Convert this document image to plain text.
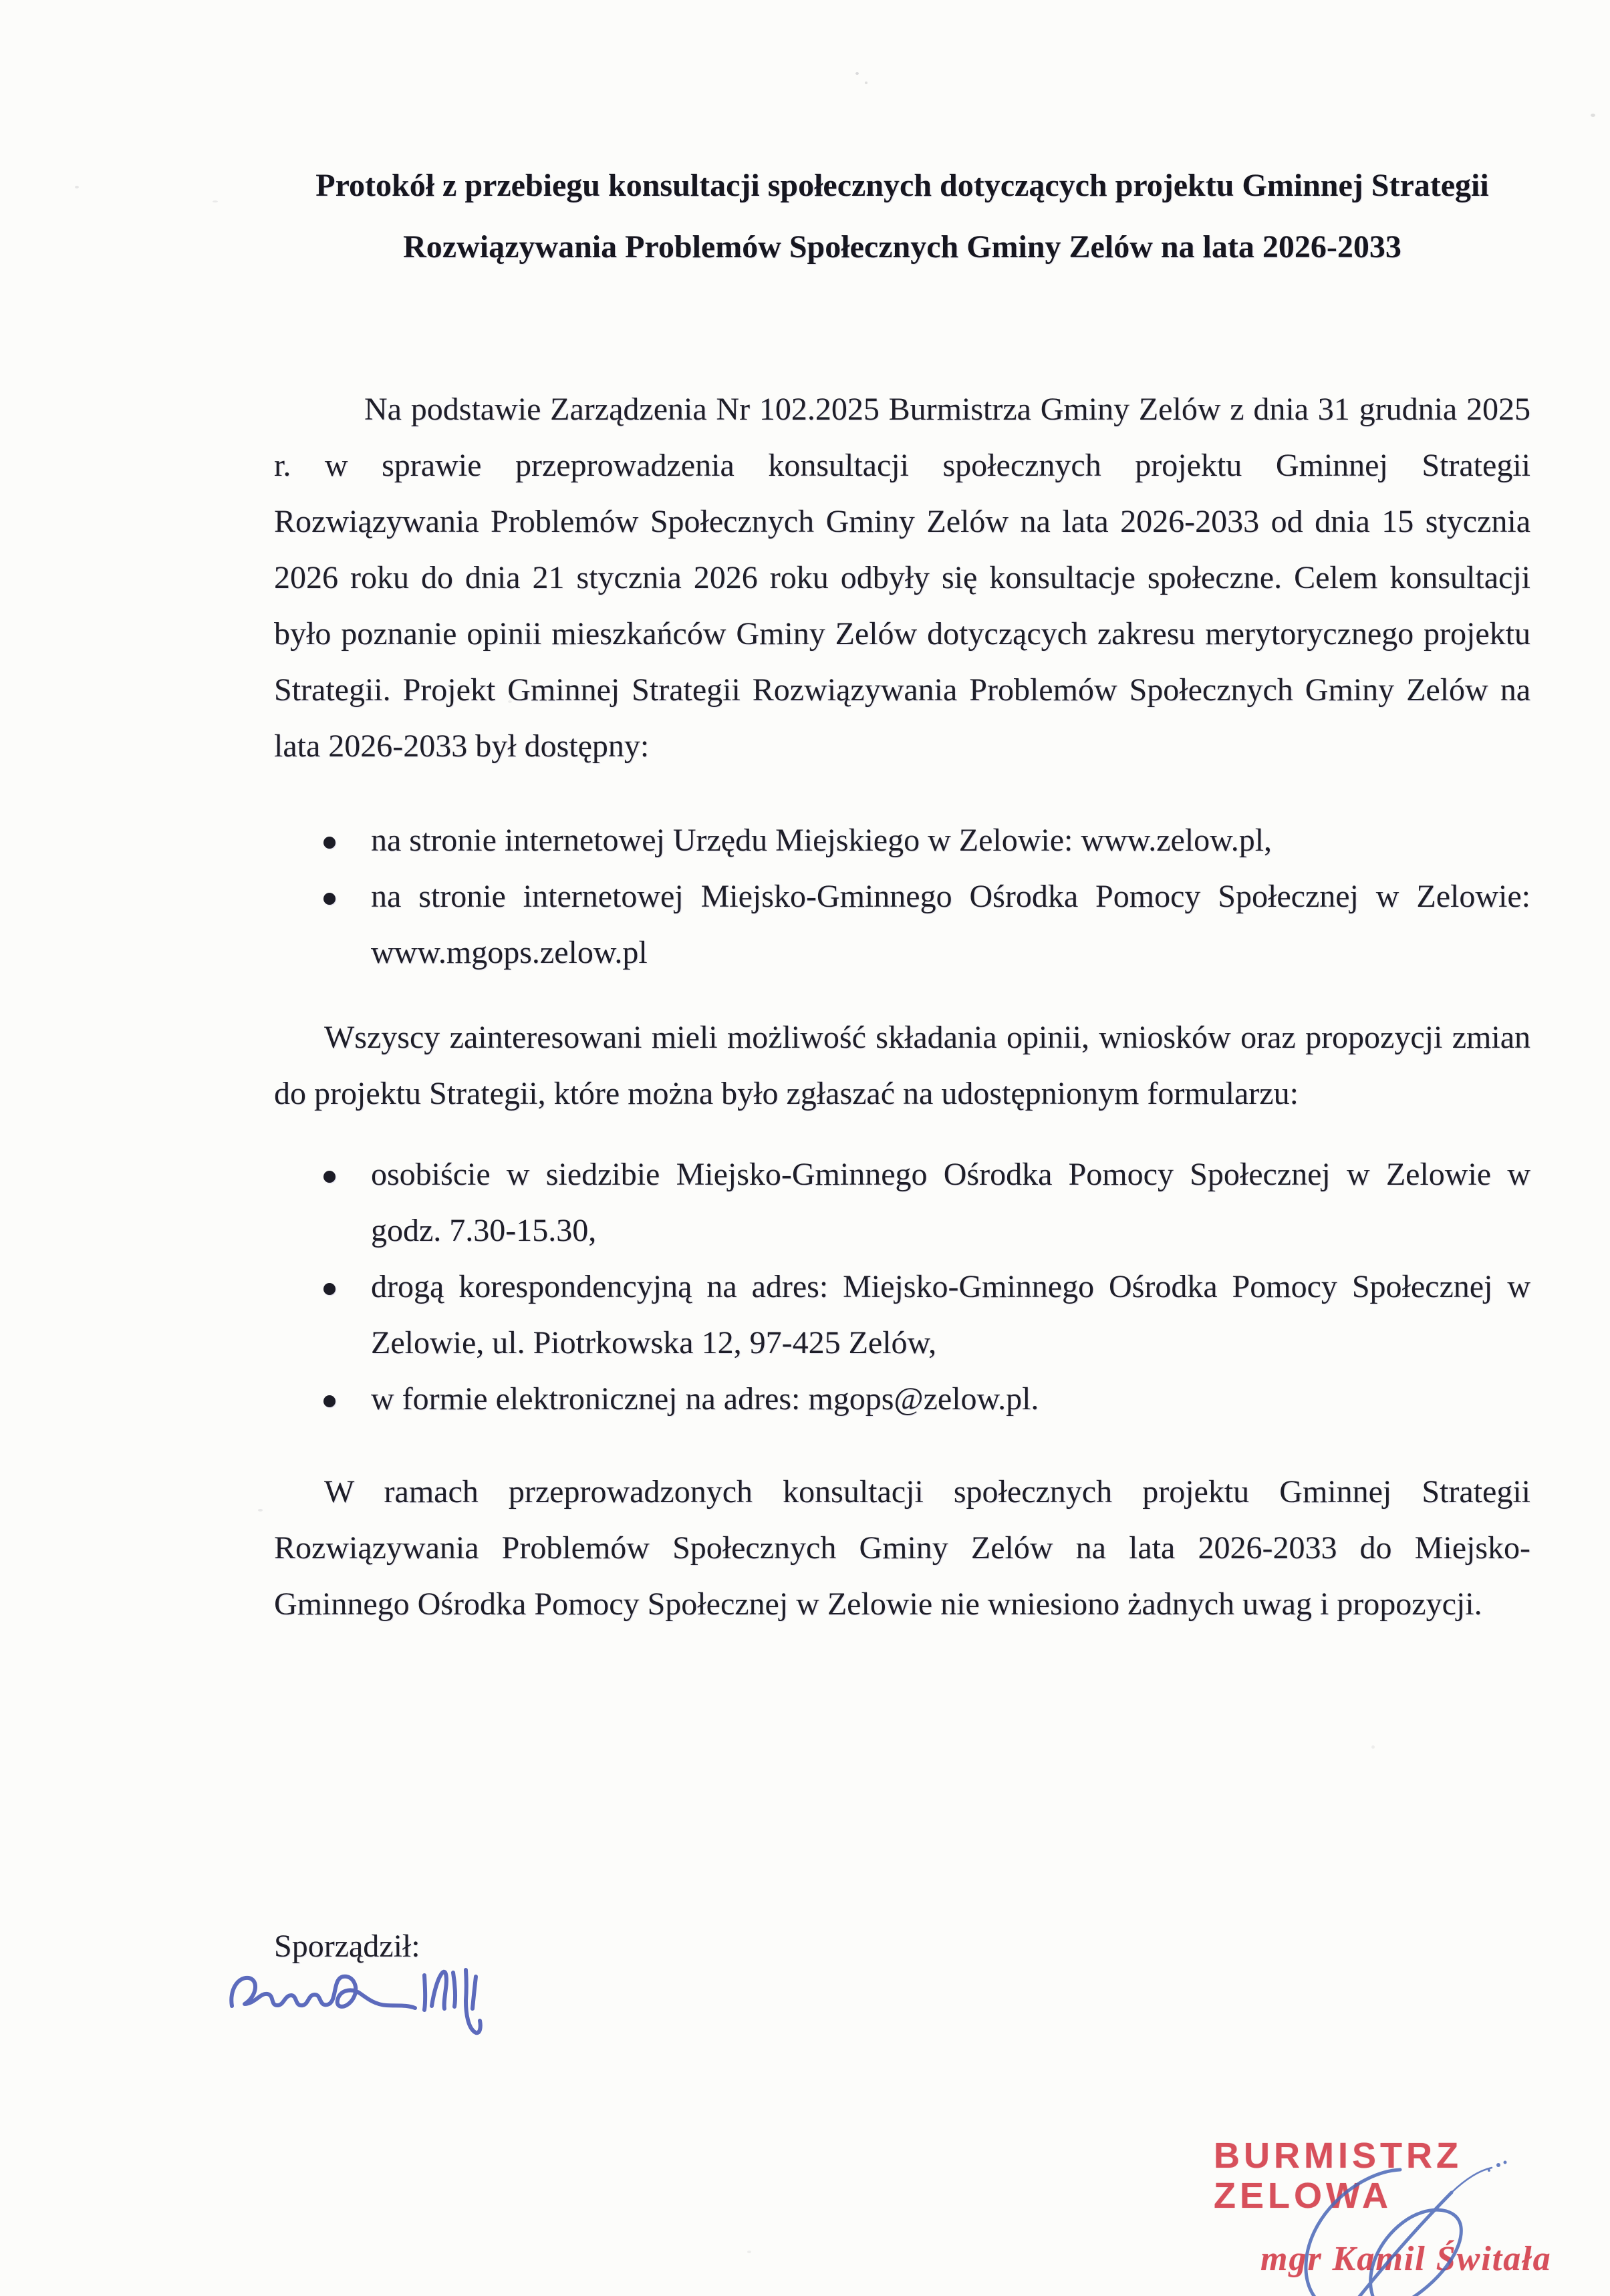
Protokół z przebiegu konsultacji społecznych dotyczących projektu Gminnej Strategii
Rozwiązywania Problemów Społecznych Gminy Zelów na lata 2026-2033
Na podstawie Zarządzenia Nr 102.2025 Burmistrza Gminy Zelów z dnia 31 grudnia 2025 r. w sprawie przeprowadzenia konsultacji społecznych projektu Gminnej Strategii Rozwiązywania Problemów Społecznych Gminy Zelów na lata 2026-2033 od dnia 15 stycznia 2026 roku do dnia 21 stycznia 2026 roku odbyły się konsultacje społeczne. Celem konsultacji było poznanie opinii mieszkańców Gminy Zelów dotyczących zakresu merytorycznego projektu Strategii. Projekt Gminnej Strategii Rozwiązywania Problemów Społecznych Gminy Zelów na lata 2026-2033 był dostępny:
na stronie internetowej Urzędu Miejskiego w Zelowie: www.zelow.pl,
na stronie internetowej Miejsko-Gminnego Ośrodka Pomocy Społecznej w Zelowie: www.mgops.zelow.pl
Wszyscy zainteresowani mieli możliwość składania opinii, wniosków oraz propozycji zmian do projektu Strategii, które można było zgłaszać na udostępnionym formularzu:
osobiście w siedzibie Miejsko-Gminnego Ośrodka Pomocy Społecznej w Zelowie w godz. 7.30-15.30,
drogą korespondencyjną na adres: Miejsko-Gminnego Ośrodka Pomocy Społecznej w Zelowie, ul. Piotrkowska 12, 97-425 Zelów,
w formie elektronicznej na adres: mgops@zelow.pl.
W ramach przeprowadzonych konsultacji społecznych projektu Gminnej Strategii Rozwiązywania Problemów Społecznych Gminy Zelów na lata 2026-2033 do Miejsko-Gminnego Ośrodka Pomocy Społecznej w Zelowie nie wniesiono żadnych uwag i propozycji.
Sporządził:
BURMISTRZ ZELOWA
mgr Kamil Świtała
